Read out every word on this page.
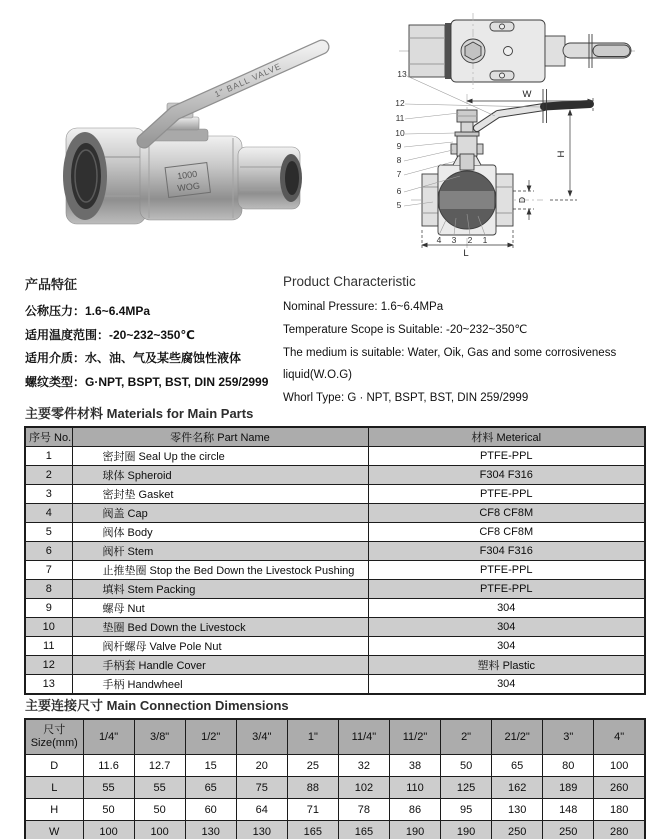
1000
WOG
1" BALL VALVE	W
H
D
L
13
12
11
10
9
8
7
6
5
4 3 2 1
产品特征

公称压力：1.6~6.4MPa

适用温度范围：-20~232~350℃

适用介质：水、油、气及某些腐蚀性液体

螺纹类型：G·NPT, BSPT, BST, DIN 259/2999

Product Characteristic

Nominal Pressure: 1.6~6.4MPa

Temperature Scope is Suitable: -20~232~350℃

The medium is suitable: Water, Oik, Gas and some corrosiveness liquid(W.O.G)

Whorl Type: G · NPT, BSPT, BST, DIN 259/2999

主要零件材料 Materials for Main Parts
序号 No.	零件名称 Part Name	材料 Meterical
1	密封圈 Seal Up the circle	PTFE-PPL
2	球体 Spheroid	F304 F316
3	密封垫 Gasket	PTFE-PPL
4	阀盖 Cap	CF8 CF8M
5	阀体 Body	CF8 CF8M
6	阀杆 Stem	F304 F316
7	止推垫圈 Stop the Bed Down the Livestock Pushing	PTFE-PPL
8	填料 Stem Packing	PTFE-PPL
9	螺母 Nut	304
10	垫圈 Bed Down the Livestock	304
11	阀杆螺母 Valve Pole Nut	304
12	手柄套 Handle Cover	塑料 Plastic
13	手柄 Handwheel	304
主要连接尺寸 Main Connection Dimensions
尺寸
Size(mm)	1/4"	3/8"	1/2"	3/4"	1"	11/4"	11/2"	2"	21/2"	3"	4"
D	11.6	12.7	15	20	25	32	38	50	65	80	100
L	55	55	65	75	88	102	110	125	162	189	260
H	50	50	60	64	71	78	86	95	130	148	180
W	100	100	130	130	165	165	190	190	250	250	280
